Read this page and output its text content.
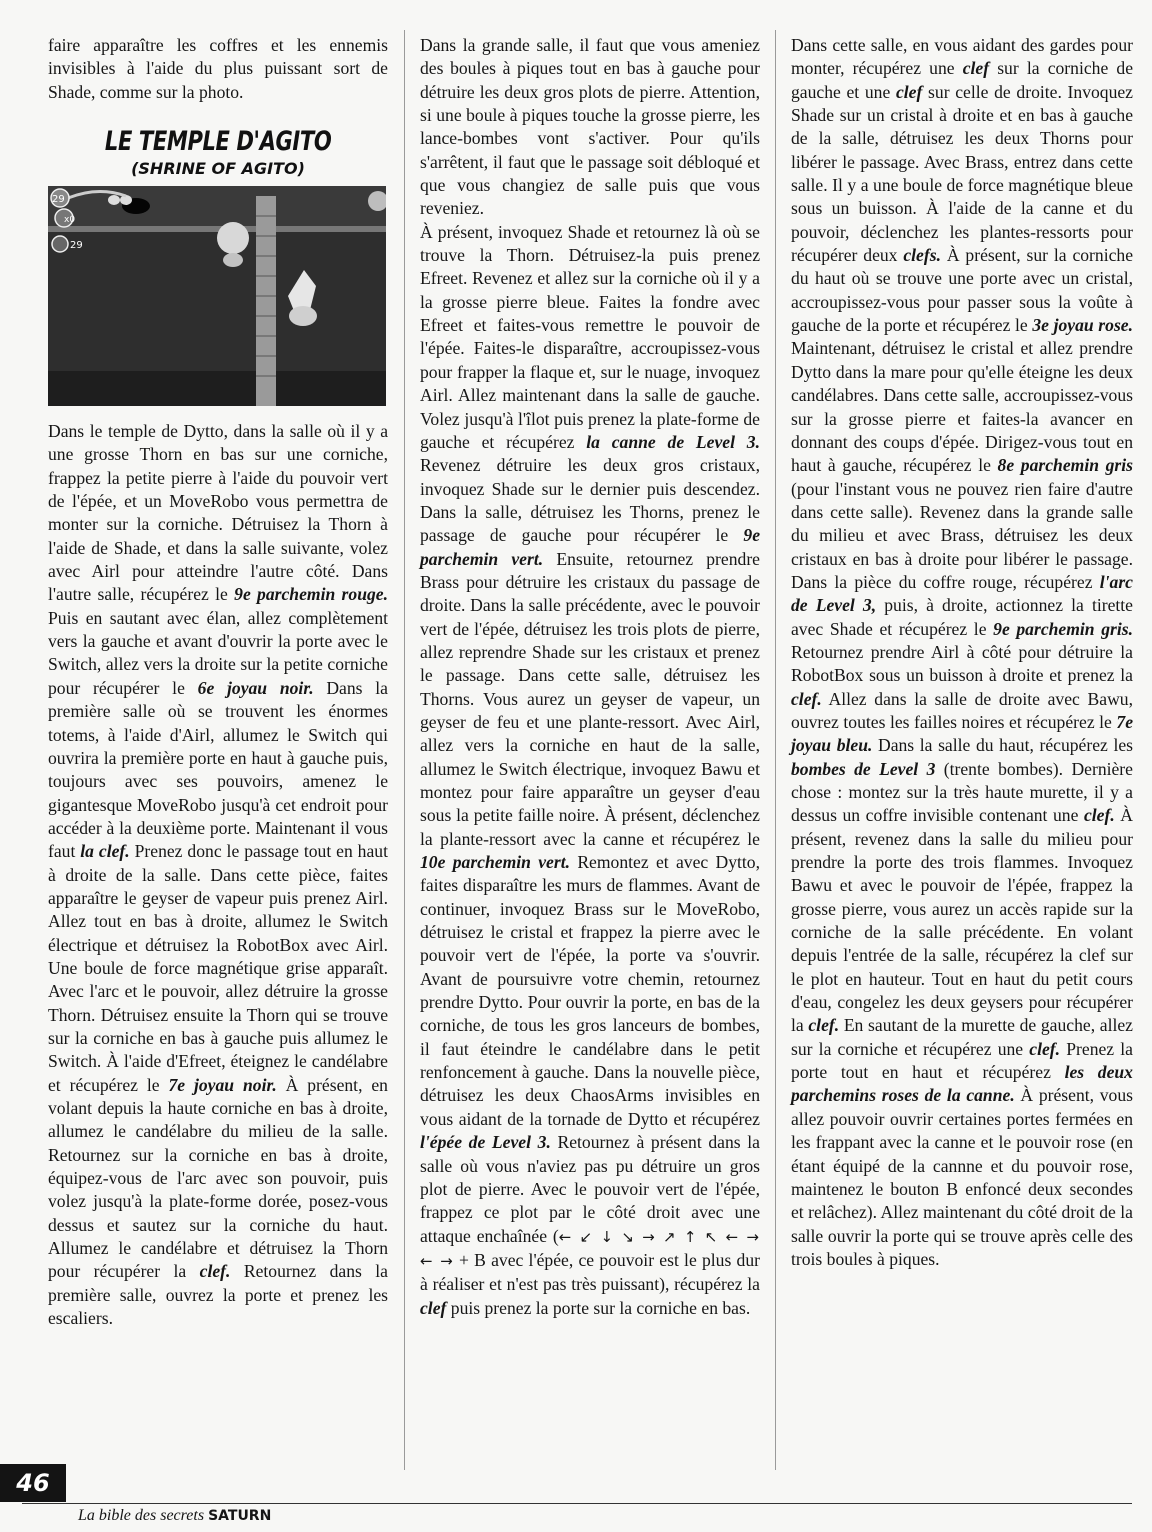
faire apparaître les coffres et les ennemis invisibles à l'aide du plus puissant sort de Shade, comme sur la photo.

LE TEMPLE D'AGITO
(SHRINE OF AGITO)
29
x0
29

Dans le temple de Dytto, dans la salle où il y a une grosse Thorn en bas sur une corniche, frappez la petite pierre à l'aide du pouvoir vert de l'épée, et un MoveRobo vous permettra de monter sur la corniche. Détruisez la Thorn à l'aide de Shade, et dans la salle suivante, volez avec Airl pour atteindre l'autre côté. Dans l'autre salle, récupérez le 9e parchemin rouge. Puis en sautant avec élan, allez complètement vers la gauche et avant d'ouvrir la porte avec le Switch, allez vers la droite sur la petite corniche pour récupérer le 6e joyau noir. Dans la première salle où se trouvent les énormes totems, à l'aide d'Airl, allumez le Switch qui ouvrira la première porte en haut à gauche puis, toujours avec ses pouvoirs, amenez le gigantesque MoveRobo jusqu'à cet endroit pour accéder à la deuxième porte. Maintenant il vous faut la clef. Prenez donc le passage tout en haut à droite de la salle. Dans cette pièce, faites apparaître le geyser de vapeur puis prenez Airl. Allez tout en bas à droite, allumez le Switch électrique et détruisez la RobotBox avec Airl. Une boule de force magnétique grise apparaît. Avec l'arc et le pouvoir, allez détruire la grosse Thorn. Détruisez ensuite la Thorn qui se trouve sur la corniche en bas à gauche puis allumez le Switch. À l'aide d'Efreet, éteignez le candélabre et récupérez le 7e joyau noir. À présent, en volant depuis la haute corniche en bas à droite, allumez le candélabre du milieu de la salle. Retournez sur la corniche en bas à droite, équipez-vous de l'arc avec son pouvoir, puis volez jusqu'à la plate-forme dorée, posez-vous dessus et sautez sur la corniche du haut. Allumez le candélabre et détruisez la Thorn pour récupérer la clef. Retournez dans la première salle, ouvrez la porte et prenez les escaliers.

Dans la grande salle, il faut que vous ameniez des boules à piques tout en bas à gauche pour détruire les deux gros plots de pierre. Attention, si une boule à piques touche la grosse pierre, les lance-bombes vont s'activer. Pour qu'ils s'arrêtent, il faut que le passage soit débloqué et que vous changiez de salle puis que vous reveniez.

À présent, invoquez Shade et retournez là où se trouve la Thorn. Détruisez-la puis prenez Efreet. Revenez et allez sur la corniche où il y a la grosse pierre bleue. Faites la fondre avec Efreet et faites-vous remettre le pouvoir de l'épée. Faites-le disparaître, accroupissez-vous pour frapper la flaque et, sur le nuage, invoquez Airl. Allez maintenant dans la salle de gauche. Volez jusqu'à l'îlot puis prenez la plate-forme de gauche et récupérez la canne de Level 3. Revenez détruire les deux gros cristaux, invoquez Shade sur le dernier puis descendez. Dans la salle, détruisez les Thorns, prenez le passage de gauche pour récupérer le 9e parchemin vert. Ensuite, retournez prendre Brass pour détruire les cristaux du passage de droite. Dans la salle précédente, avec le pouvoir vert de l'épée, détruisez les trois plots de pierre, allez reprendre Shade sur les cristaux et prenez le passage. Dans cette salle, détruisez les Thorns. Vous aurez un geyser de vapeur, un geyser de feu et une plante-ressort. Avec Airl, allez vers la corniche en haut de la salle, allumez le Switch électrique, invoquez Bawu et montez pour faire apparaître un geyser d'eau sous la petite faille noire. À présent, déclenchez la plante-ressort avec la canne et récupérez le 10e parchemin vert. Remontez et avec Dytto, faites disparaître les murs de flammes. Avant de continuer, invoquez Brass sur le MoveRobo, détruisez le cristal et frappez la pierre avec le pouvoir vert de l'épée, la porte va s'ouvrir. Avant de poursuivre votre chemin, retournez prendre Dytto. Pour ouvrir la porte, en bas de la corniche, de tous les gros lanceurs de bombes, il faut éteindre le candélabre dans le petit renfoncement à gauche. Dans la nouvelle pièce, détruisez les deux ChaosArms invisibles en vous aidant de la tornade de Dytto et récupérez l'épée de Level 3. Retournez à présent dans la salle où vous n'aviez pas pu détruire un gros plot de pierre. Avec le pouvoir vert de l'épée, frappez ce plot par le côté droit avec une attaque enchaînée (← ↙ ↓ ↘ → ↗ ↑ ↖ ← → ← → + B avec l'épée, ce pouvoir est le plus dur à réaliser et n'est pas très puissant), récupérez la clef puis prenez la porte sur la corniche en bas.

Dans cette salle, en vous aidant des gardes pour monter, récupérez une clef sur la corniche de gauche et une clef sur celle de droite. Invoquez Shade sur un cristal à droite et en bas à gauche de la salle, détruisez les deux Thorns pour libérer le passage. Avec Brass, entrez dans cette salle. Il y a une boule de force magnétique bleue sous un buisson. À l'aide de la canne et du pouvoir, déclenchez les plantes-ressorts pour récupérer deux clefs. À présent, sur la corniche du haut où se trouve une porte avec un cristal, accroupissez-vous pour passer sous la voûte à gauche de la porte et récupérez le 3e joyau rose. Maintenant, détruisez le cristal et allez prendre Dytto dans la mare pour qu'elle éteigne les deux candélabres. Dans cette salle, accroupissez-vous sur la grosse pierre et faites-la avancer en donnant des coups d'épée. Dirigez-vous tout en haut à gauche, récupérez le 8e parchemin gris (pour l'instant vous ne pouvez rien faire d'autre dans cette salle). Revenez dans la grande salle du milieu et avec Brass, détruisez les deux cristaux en bas à droite pour libérer le passage. Dans la pièce du coffre rouge, récupérez l'arc de Level 3, puis, à droite, actionnez la tirette avec Shade et récupérez le 9e parchemin gris. Retournez prendre Airl à côté pour détruire la RobotBox sous un buisson à droite et prenez la clef. Allez dans la salle de droite avec Bawu, ouvrez toutes les failles noires et récupérez le 7e joyau bleu. Dans la salle du haut, récupérez les bombes de Level 3 (trente bombes). Dernière chose : montez sur la très haute murette, il y a dessus un coffre invisible contenant une clef. À présent, revenez dans la salle du milieu pour prendre la porte des trois flammes. Invoquez Bawu et avec le pouvoir de l'épée, frappez la grosse pierre, vous aurez un accès rapide sur la corniche de la salle précédente. En volant depuis l'entrée de la salle, récupérez la clef sur le plot en hauteur. Tout en haut du petit cours d'eau, congelez les deux geysers pour récupérer la clef. En sautant de la murette de gauche, allez sur la corniche et récupérez une clef. Prenez la porte tout en haut et récupérez les deux parchemins roses de la canne. À présent, vous allez pouvoir ouvrir certaines portes fermées en les frappant avec la canne et le pouvoir rose (en étant équipé de la cannne et du pouvoir rose, maintenez le bouton B enfoncé deux secondes et relâchez). Allez maintenant du côté droit de la salle ouvrir la porte qui se trouve après celle des trois boules à piques.

46
La bible des secrets SATURN
